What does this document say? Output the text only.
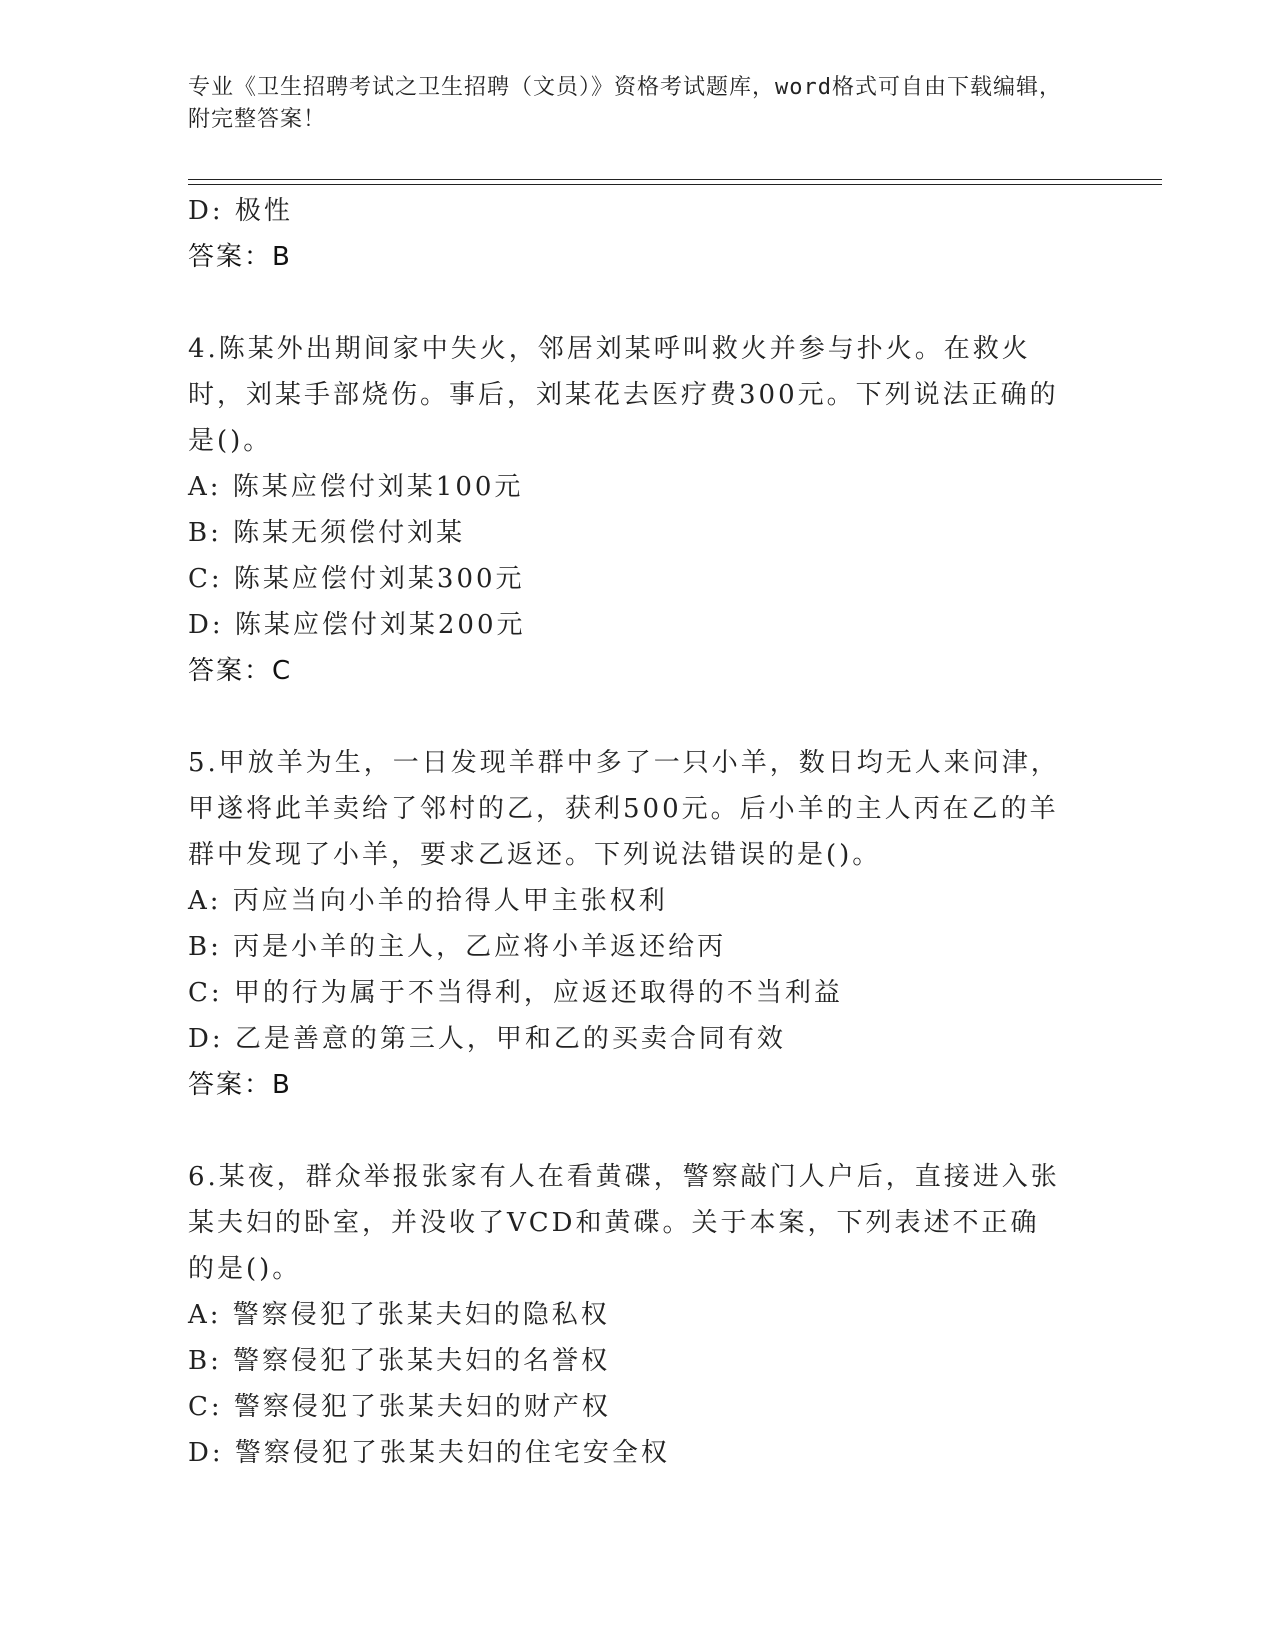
专业《卫生招聘考试之卫生招聘（文员）》资格考试题库，word格式可自由下载编辑，附完整答案！
D: 极性
答案：B
4.陈某外出期间家中失火，邻居刘某呼叫救火并参与扑火。在救火时，刘某手部烧伤。事后，刘某花去医疗费300元。下列说法正确的是()。
A: 陈某应偿付刘某100元
B: 陈某无须偿付刘某
C: 陈某应偿付刘某300元
D: 陈某应偿付刘某200元
答案：C
5.甲放羊为生，一日发现羊群中多了一只小羊，数日均无人来问津，甲遂将此羊卖给了邻村的乙，获利500元。后小羊的主人丙在乙的羊群中发现了小羊，要求乙返还。下列说法错误的是()。
A: 丙应当向小羊的拾得人甲主张权利
B: 丙是小羊的主人，乙应将小羊返还给丙
C: 甲的行为属于不当得利，应返还取得的不当利益
D: 乙是善意的第三人，甲和乙的买卖合同有效
答案：B
6.某夜，群众举报张家有人在看黄碟，警察敲门人户后，直接进入张某夫妇的卧室，并没收了VCD和黄碟。关于本案，下列表述不正确的是()。
A: 警察侵犯了张某夫妇的隐私权
B: 警察侵犯了张某夫妇的名誉权
C: 警察侵犯了张某夫妇的财产权
D: 警察侵犯了张某夫妇的住宅安全权
